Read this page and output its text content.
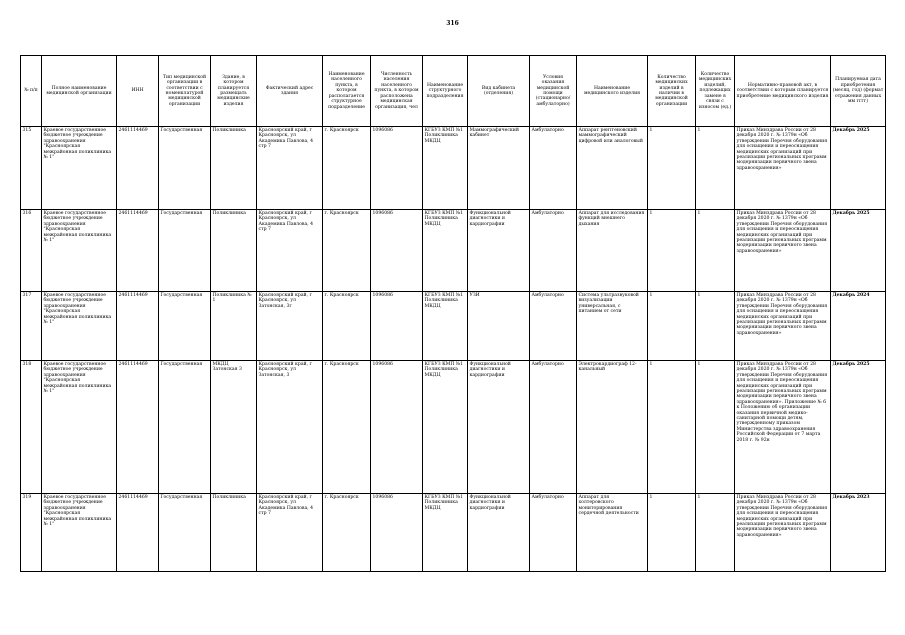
316
№ п/п	Полное наименование медицинской организации	ИНН	Тип медицинской организации в соответствии с номенклатурой медицинской организации	Здание, в котором планируется размещать медицинские изделия	Фактический адрес здания	Наименование населенного пункта, в котором располагается структурное подразделение	Численность населения населенного пункта, в котором расположена медицинская организация, чел	Наименование структурного подразделения	Вид кабинета (отделения)	Условия оказания медицинской помощи (стационарно/амбулаторно)	Наименование медицинского изделия	Количество медицинских изделий в наличии в медицинской организации	Количество медицинских изделий, подлежащих замене в связи с износом (ед.)	Нормативно-правовой акт, в соответствии с которым планируется приобретение медицинского изделия	Планируемая дата приобретения (месяц, год) (формат отражения данных мм гггг)
315	Краевое государственное бюджетное учреждение здравоохранения "Красноярская межрайонная поликлиника № 1"	2461114469	Государственная	Поликлиника	Красноярский край, г Красноярск, ул Академика Павлова, 4 стр 7	г. Красноярск	1096086	КГБУЗ КМП №1 Поликлиника МКДЦ	Маммографический кабинет	Амбулаторно	Аппарат рентгеновский маммографический цифровой или аналоговый	1	1	Приказ Минздрава России от 28 декабря 2020 г. № 1379н «Об утверждении Перечня оборудования для оснащения и переоснащения медицинских организаций при реализации региональных программ модернизации первичного звена здравоохранения»	Декабрь 2025
316	Краевое государственное бюджетное учреждение здравоохранения "Красноярская межрайонная поликлиника № 1"	2461114469	Государственная	Поликлиника	Красноярский край, г Красноярск, ул Академика Павлова, 4 стр 7	г. Красноярск	1096086	КГБУЗ КМП №1 Поликлиника МКДЦ	Функциональной диагностики и кардиографии	Амбулаторно	Аппарат для исследования функций внешнего дыхания	1	1	Приказ Минздрава России от 28 декабря 2020 г. № 1379н «Об утверждении Перечня оборудования для оснащения и переоснащения медицинских организаций при реализации региональных программ модернизации первичного звена здравоохранения»	Декабрь 2025
317	Краевое государственное бюджетное учреждение здравоохранения "Красноярская межрайонная поликлиника № 1"	2461114469	Государственная	Поликлиника № 1	Красноярский край, г Красноярск, ул Затонская, 3г	г. Красноярск	1096086	КГБУЗ КМП №1 Поликлиника МКДЦ	УЗИ	Амбулаторно	Система ультразвуковой визуализации универсальная, с питанием от сети	1	1	Приказ Минздрава России от 28 декабря 2020 г. № 1379н «Об утверждении Перечня оборудования для оснащения и переоснащения медицинских организаций при реализации региональных программ модернизации первичного звена здравоохранения»	Декабрь 2024
318	Краевое государственное бюджетное учреждение здравоохранения "Красноярская межрайонная поликлиника № 1"	2461114469	Государственная	МКДЦ Затонская 3	Красноярский край, г Красноярск, ул Затонская, 3	г. Красноярск	1096086	КГБУЗ КМП №1 Поликлиника МКДЦ	Функциональной диагностики и кардиографии	Амбулаторно	Электрокардиограф 12-канальный	1	1	Приказ Минздрава России от 28 декабря 2020 г. № 1379н «Об утверждении Перечня оборудования для оснащения и переоснащения медицинских организаций при реализации региональных программ модернизации первичного звена здравоохранения». Приложение № 6 к Положению об организации оказания первичной медико-санитарной помощи детям, утвержденному приказом Министерства здравоохранения Российской Федерации от 7 марта 2018 г. № 92н	Декабрь 2025
319	Краевое государственное бюджетное учреждение здравоохранения "Красноярская межрайонная поликлиника № 1"	2461114469	Государственная	Поликлиника	Красноярский край, г Красноярск, ул Академика Павлова, 4 стр 7	г. Красноярск	1096086	КГБУЗ КМП №1 Поликлиника МКДЦ	Функциональной диагностики и кардиографии	Амбулаторно	Аппарат для холтеровского мониторирования сердечной деятельности	1	1	Приказ Минздрава России от 28 декабря 2020 г. № 1379н «Об утверждении Перечня оборудования для оснащения и переоснащения медицинских организаций при реализации региональных программ модернизации первичного звена здравоохранения»	Декабрь 2023
